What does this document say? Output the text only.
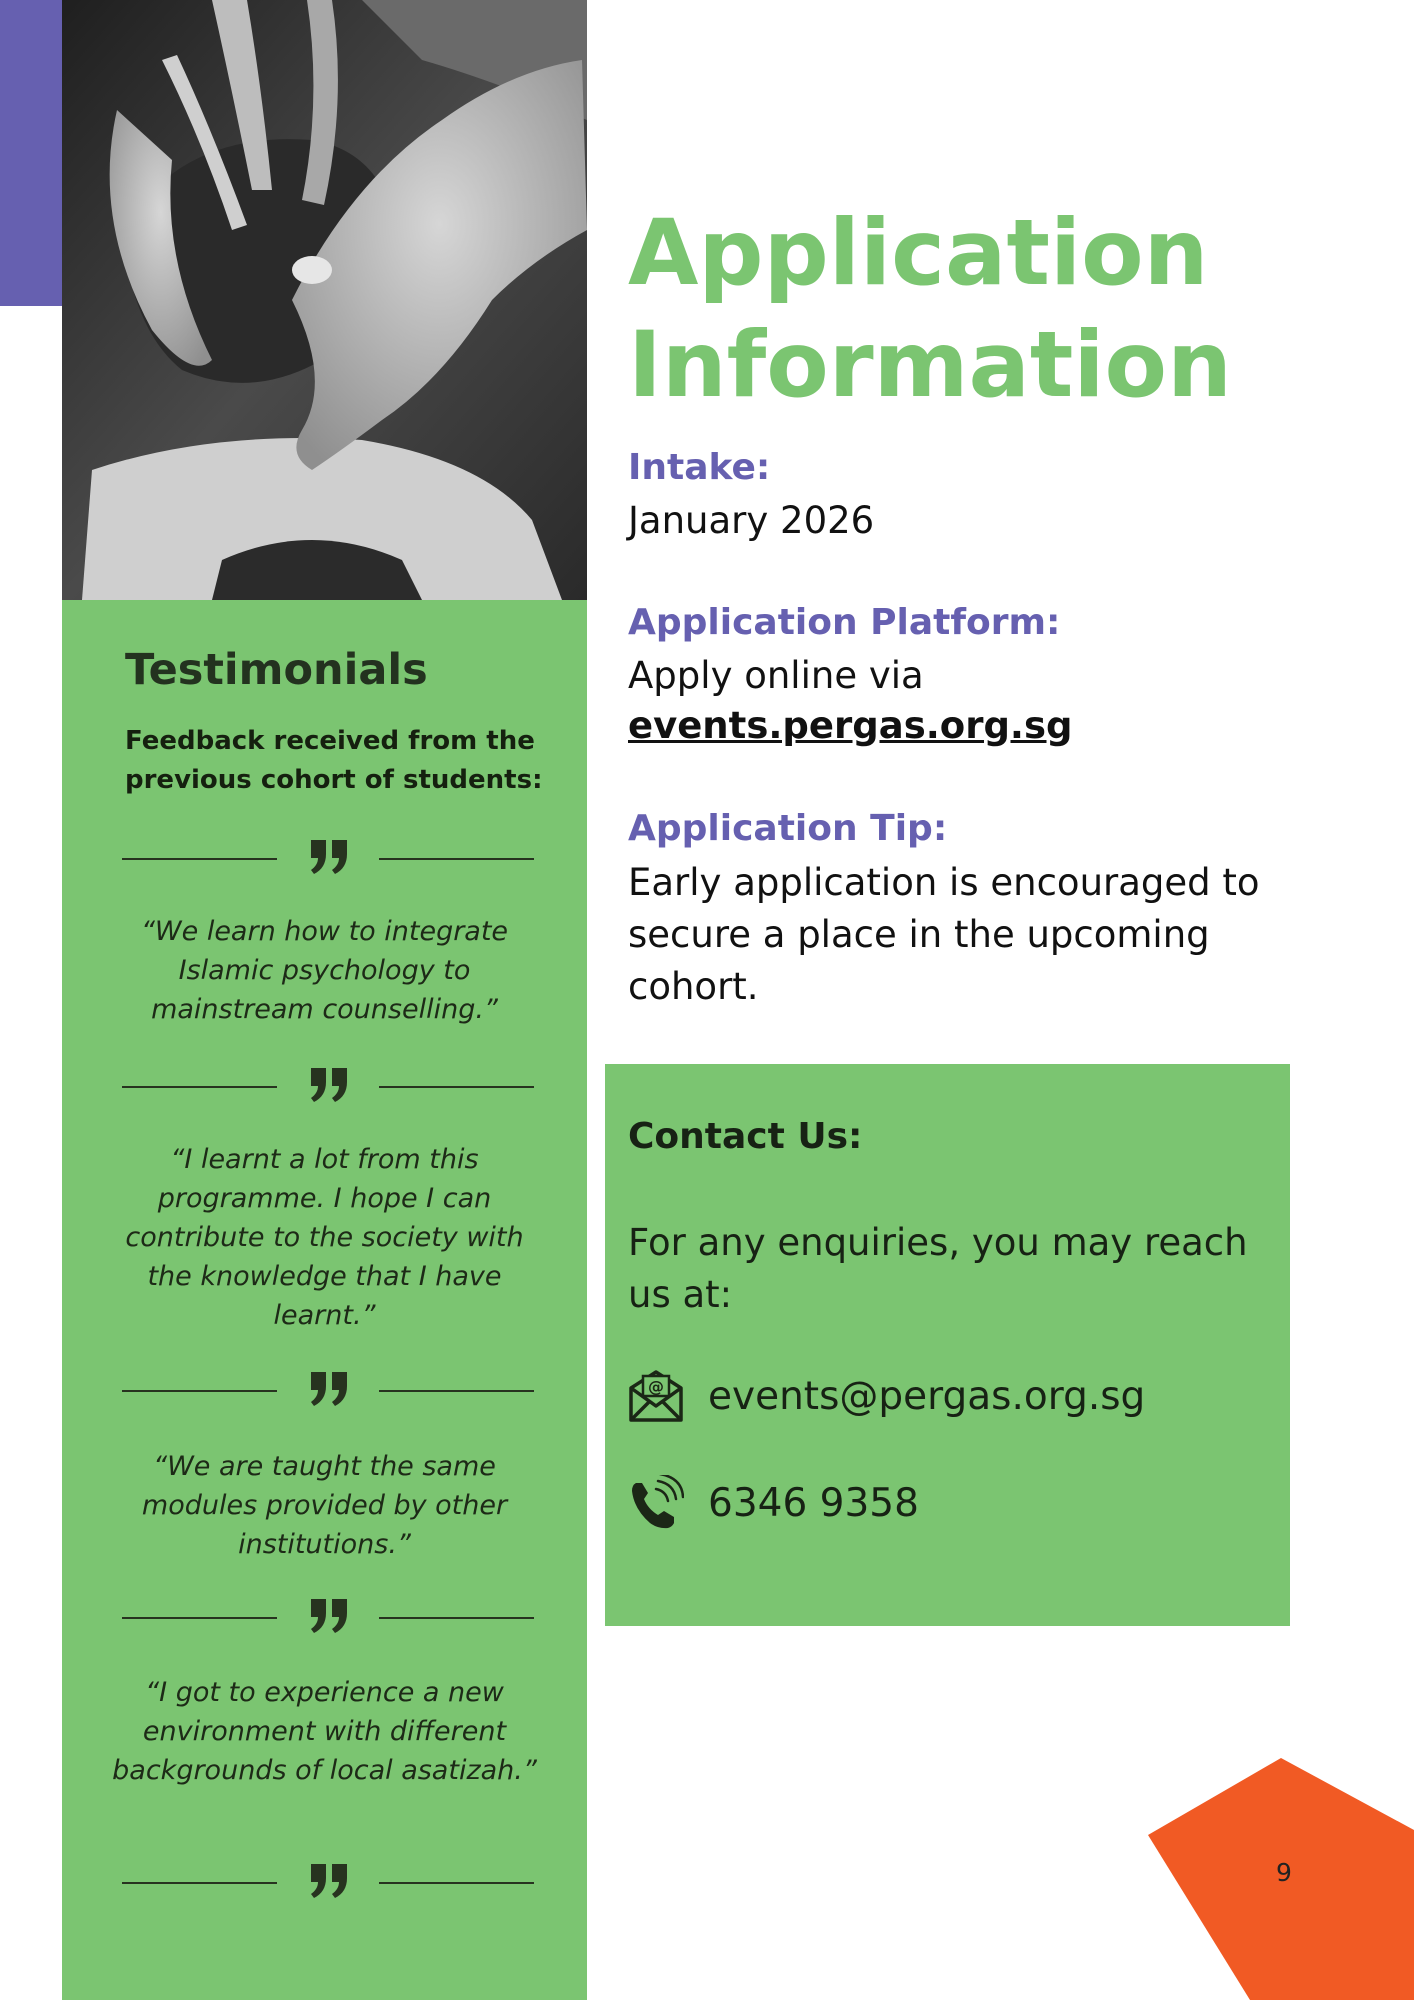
Testimonials

Feedback received from the previous cohort of students:

“We learn how to integrate Islamic psychology to mainstream counselling.”

“I learnt a lot from this programme. I hope I can contribute to the society with the knowledge that I have learnt.”

“We are taught the same modules provided by other institutions.”

“I got to experience a new environment with different backgrounds of local asatizah.”

Application
Information

Intake:

January 2026

Application Platform:

Apply online via

events.pergas.org.sg

Application Tip:

Early application is encouraged to secure a place in the upcoming cohort.

Contact Us:

For any enquiries, you may reach us at:

@ events@pergas.org.sg
6346 9358
9
